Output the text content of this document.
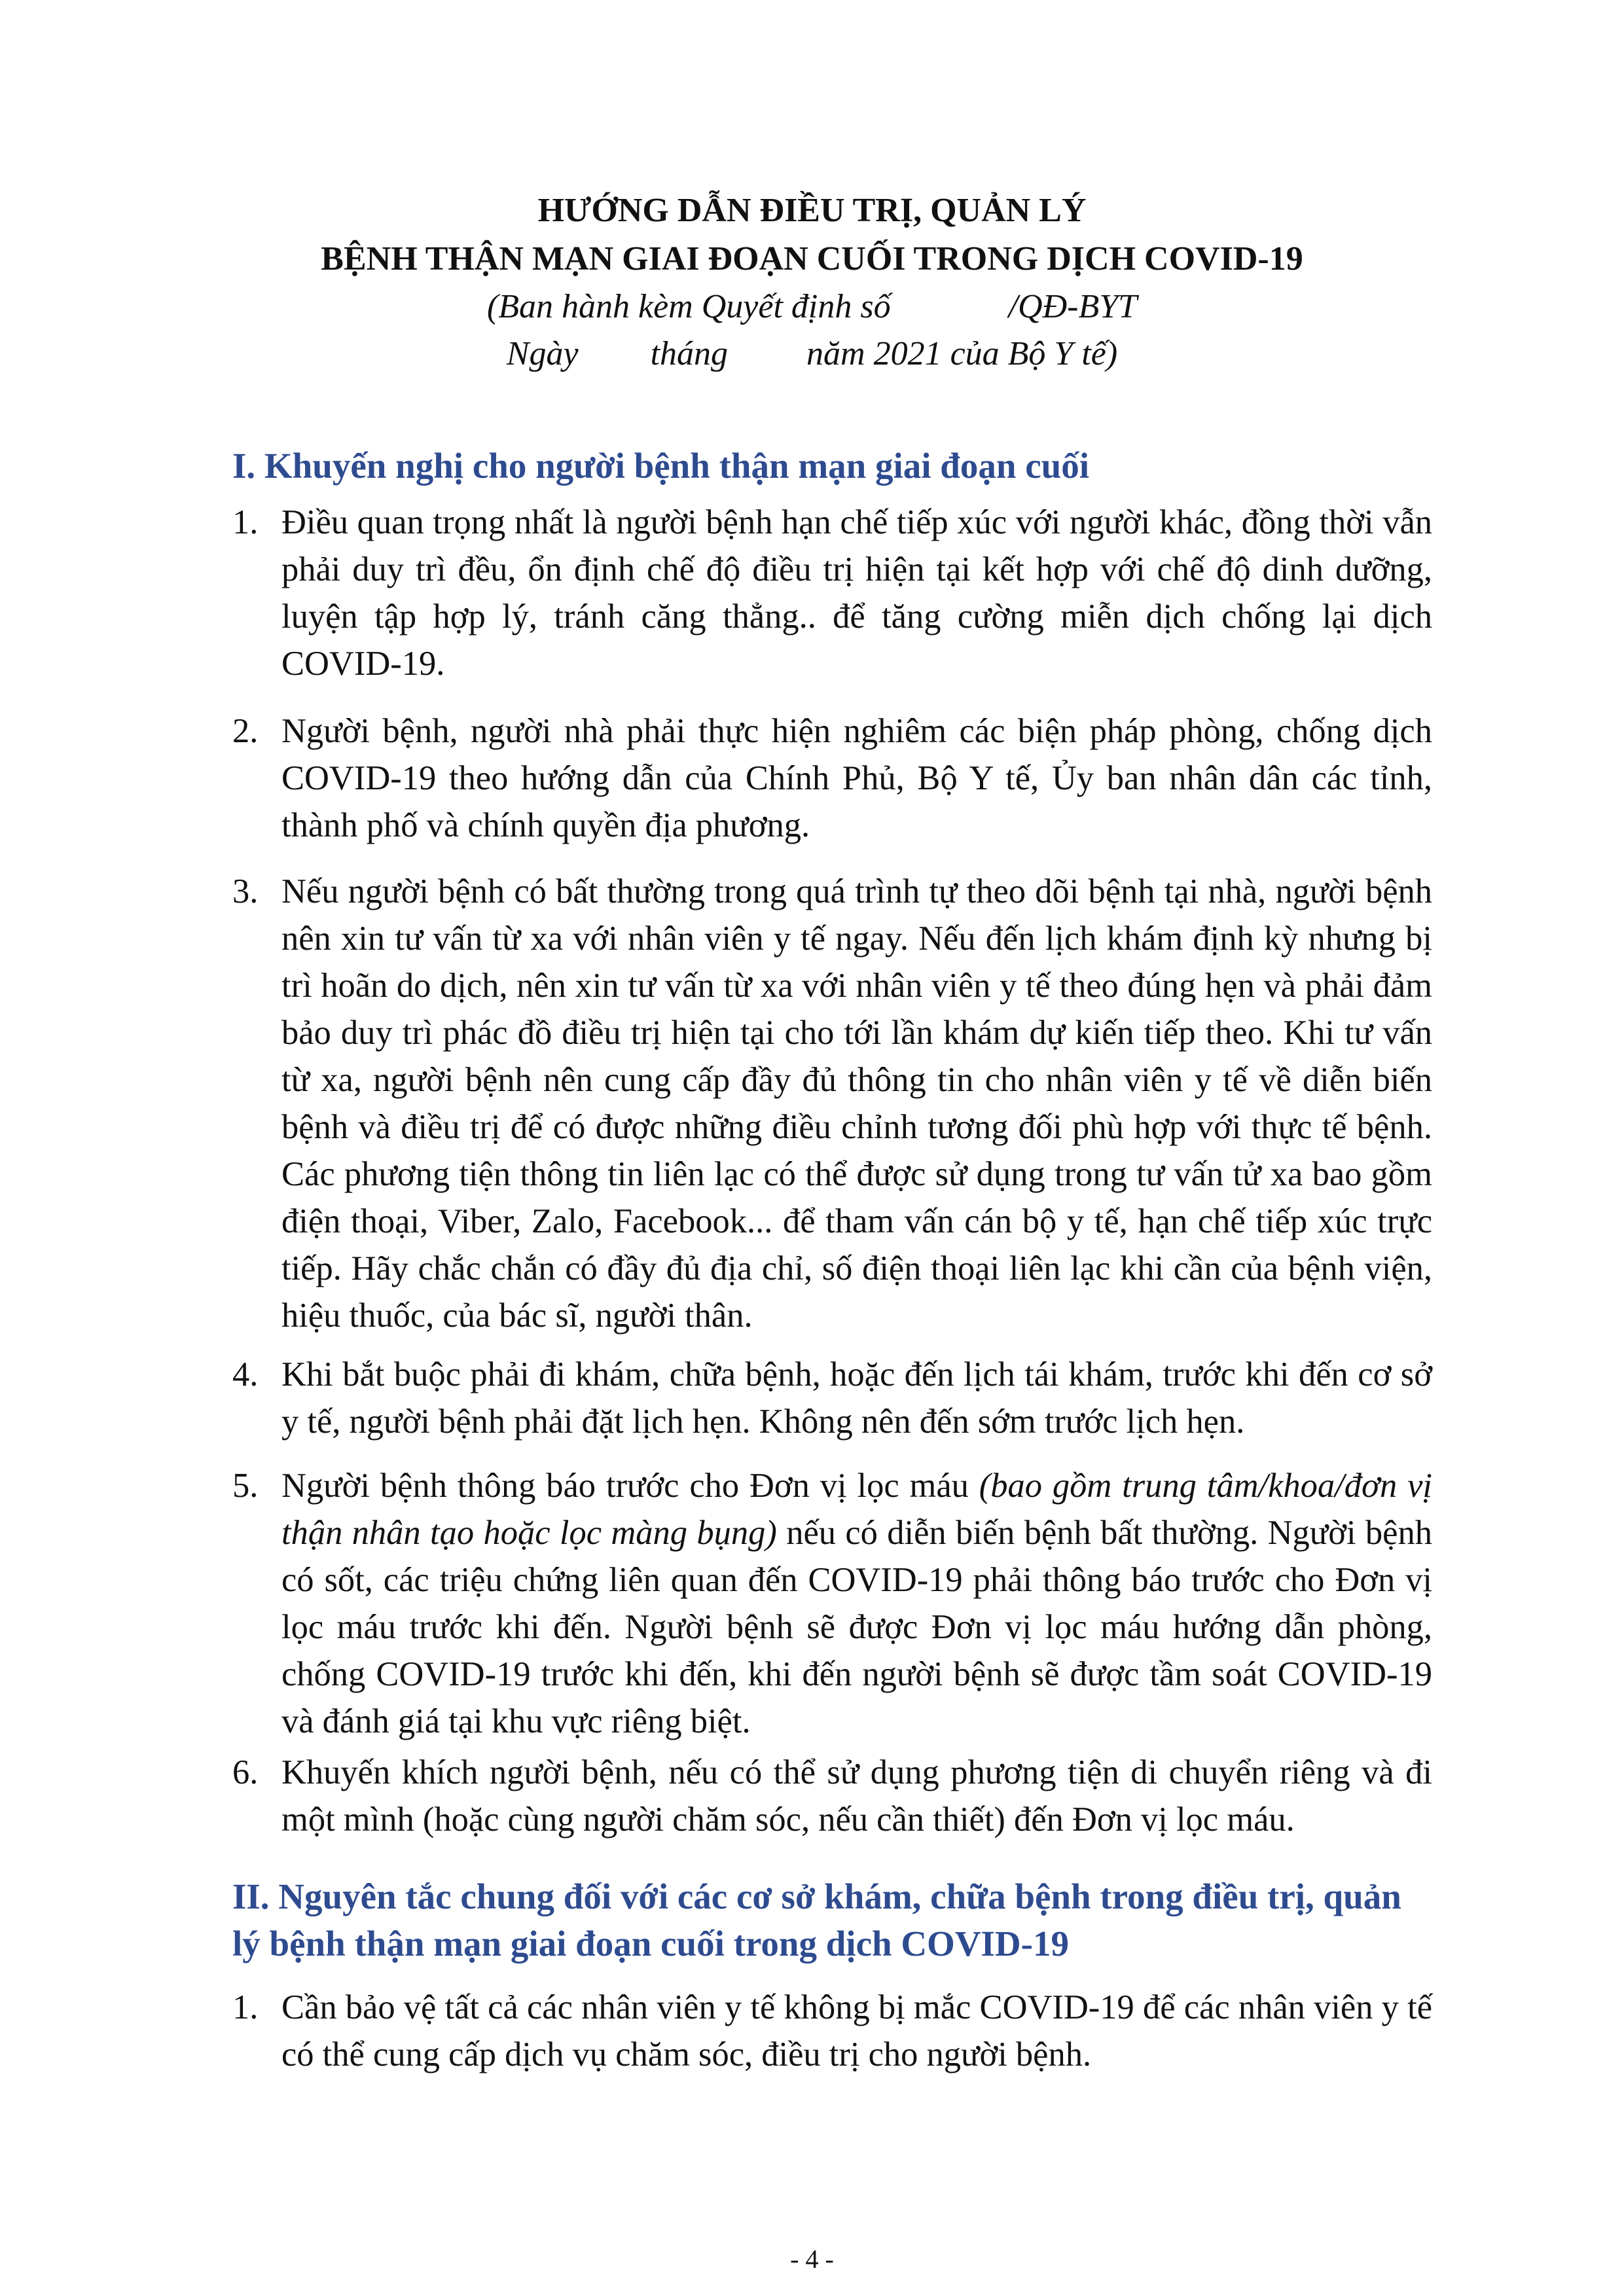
HƯỚNG DẪN ĐIỀU TRỊ, QUẢN LÝ
BỆNH THẬN MẠN GIAI ĐOẠN CUỐI TRONG DỊCH COVID-19
(Ban hành kèm Quyết định số	/QĐ-BYT
Ngày tháng năm 2021 của Bộ Y tế)
I. Khuyến nghị cho người bệnh thận mạn giai đoạn cuối
1. Điều quan trọng nhất là người bệnh hạn chế tiếp xúc với người khác, đồng thời vẫn phải duy trì đều, ổn định chế độ điều trị hiện tại kết hợp với chế độ dinh dưỡng, luyện tập hợp lý, tránh căng thẳng.. để tăng cường miễn dịch chống lại dịch COVID-19.
2. Người bệnh, người nhà phải thực hiện nghiêm các biện pháp phòng, chống dịch COVID-19 theo hướng dẫn của Chính Phủ, Bộ Y tế, Ủy ban nhân dân các tỉnh, thành phố và chính quyền địa phương.
3. Nếu người bệnh có bất thường trong quá trình tự theo dõi bệnh tại nhà, người bệnh nên xin tư vấn từ xa với nhân viên y tế ngay. Nếu đến lịch khám định kỳ nhưng bị trì hoãn do dịch, nên xin tư vấn từ xa với nhân viên y tế theo đúng hẹn và phải đảm bảo duy trì phác đồ điều trị hiện tại cho tới lần khám dự kiến tiếp theo. Khi tư vấn từ xa, người bệnh nên cung cấp đầy đủ thông tin cho nhân viên y tế về diễn biến bệnh và điều trị để có được những điều chỉnh tương đối phù hợp với thực tế bệnh. Các phương tiện thông tin liên lạc có thể được sử dụng trong tư vấn tử xa bao gồm điện thoại, Viber, Zalo, Facebook... để tham vấn cán bộ y tế, hạn chế tiếp xúc trực tiếp. Hãy chắc chắn có đầy đủ địa chỉ, số điện thoại liên lạc khi cần của bệnh viện, hiệu thuốc, của bác sĩ, người thân.
4. Khi bắt buộc phải đi khám, chữa bệnh, hoặc đến lịch tái khám, trước khi đến cơ sở y tế, người bệnh phải đặt lịch hẹn. Không nên đến sớm trước lịch hẹn.
5. Người bệnh thông báo trước cho Đơn vị lọc máu (bao gồm trung tâm/khoa/đơn vị thận nhân tạo hoặc lọc màng bụng) nếu có diễn biến bệnh bất thường. Người bệnh có sốt, các triệu chứng liên quan đến COVID-19 phải thông báo trước cho Đơn vị lọc máu trước khi đến. Người bệnh sẽ được Đơn vị lọc máu hướng dẫn phòng, chống COVID-19 trước khi đến, khi đến người bệnh sẽ được tầm soát COVID-19 và đánh giá tại khu vực riêng biệt.
6. Khuyến khích người bệnh, nếu có thể sử dụng phương tiện di chuyển riêng và đi một mình (hoặc cùng người chăm sóc, nếu cần thiết) đến Đơn vị lọc máu.
II. Nguyên tắc chung đối với các cơ sở khám, chữa bệnh trong điều trị, quản lý bệnh thận mạn giai đoạn cuối trong dịch COVID-19
1. Cần bảo vệ tất cả các nhân viên y tế không bị mắc COVID-19 để các nhân viên y tế có thể cung cấp dịch vụ chăm sóc, điều trị cho người bệnh.
- 4 -
